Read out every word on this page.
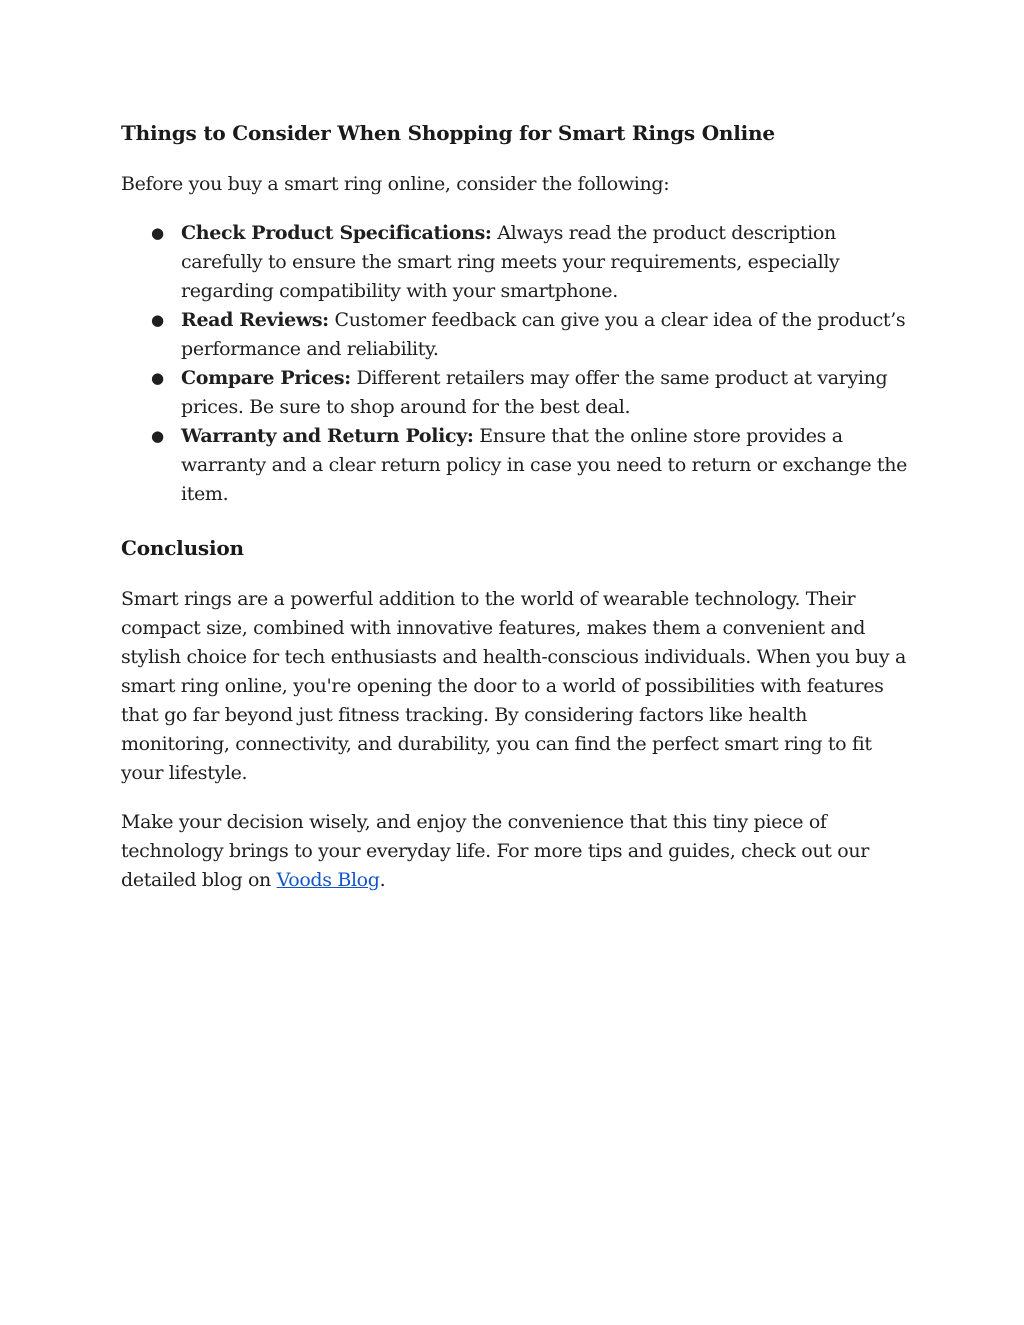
Things to Consider When Shopping for Smart Rings Online

Before you buy a smart ring online, consider the following:

● Check Product Specifications: Always read the product description carefully to ensure the smart ring meets your requirements, especially regarding compatibility with your smartphone.
● Read Reviews: Customer feedback can give you a clear idea of the product’s performance and reliability.
● Compare Prices: Different retailers may offer the same product at varying prices. Be sure to shop around for the best deal.
● Warranty and Return Policy: Ensure that the online store provides a warranty and a clear return policy in case you need to return or exchange the item.
Conclusion

Smart rings are a powerful addition to the world of wearable technology. Their compact size, combined with innovative features, makes them a convenient and stylish choice for tech enthusiasts and health-conscious individuals. When you buy a smart ring online, you're opening the door to a world of possibilities with features that go far beyond just fitness tracking. By considering factors like health monitoring, connectivity, and durability, you can find the perfect smart ring to fit your lifestyle.

Make your decision wisely, and enjoy the convenience that this tiny piece of technology brings to your everyday life. For more tips and guides, check out our detailed blog on Voods Blog.
